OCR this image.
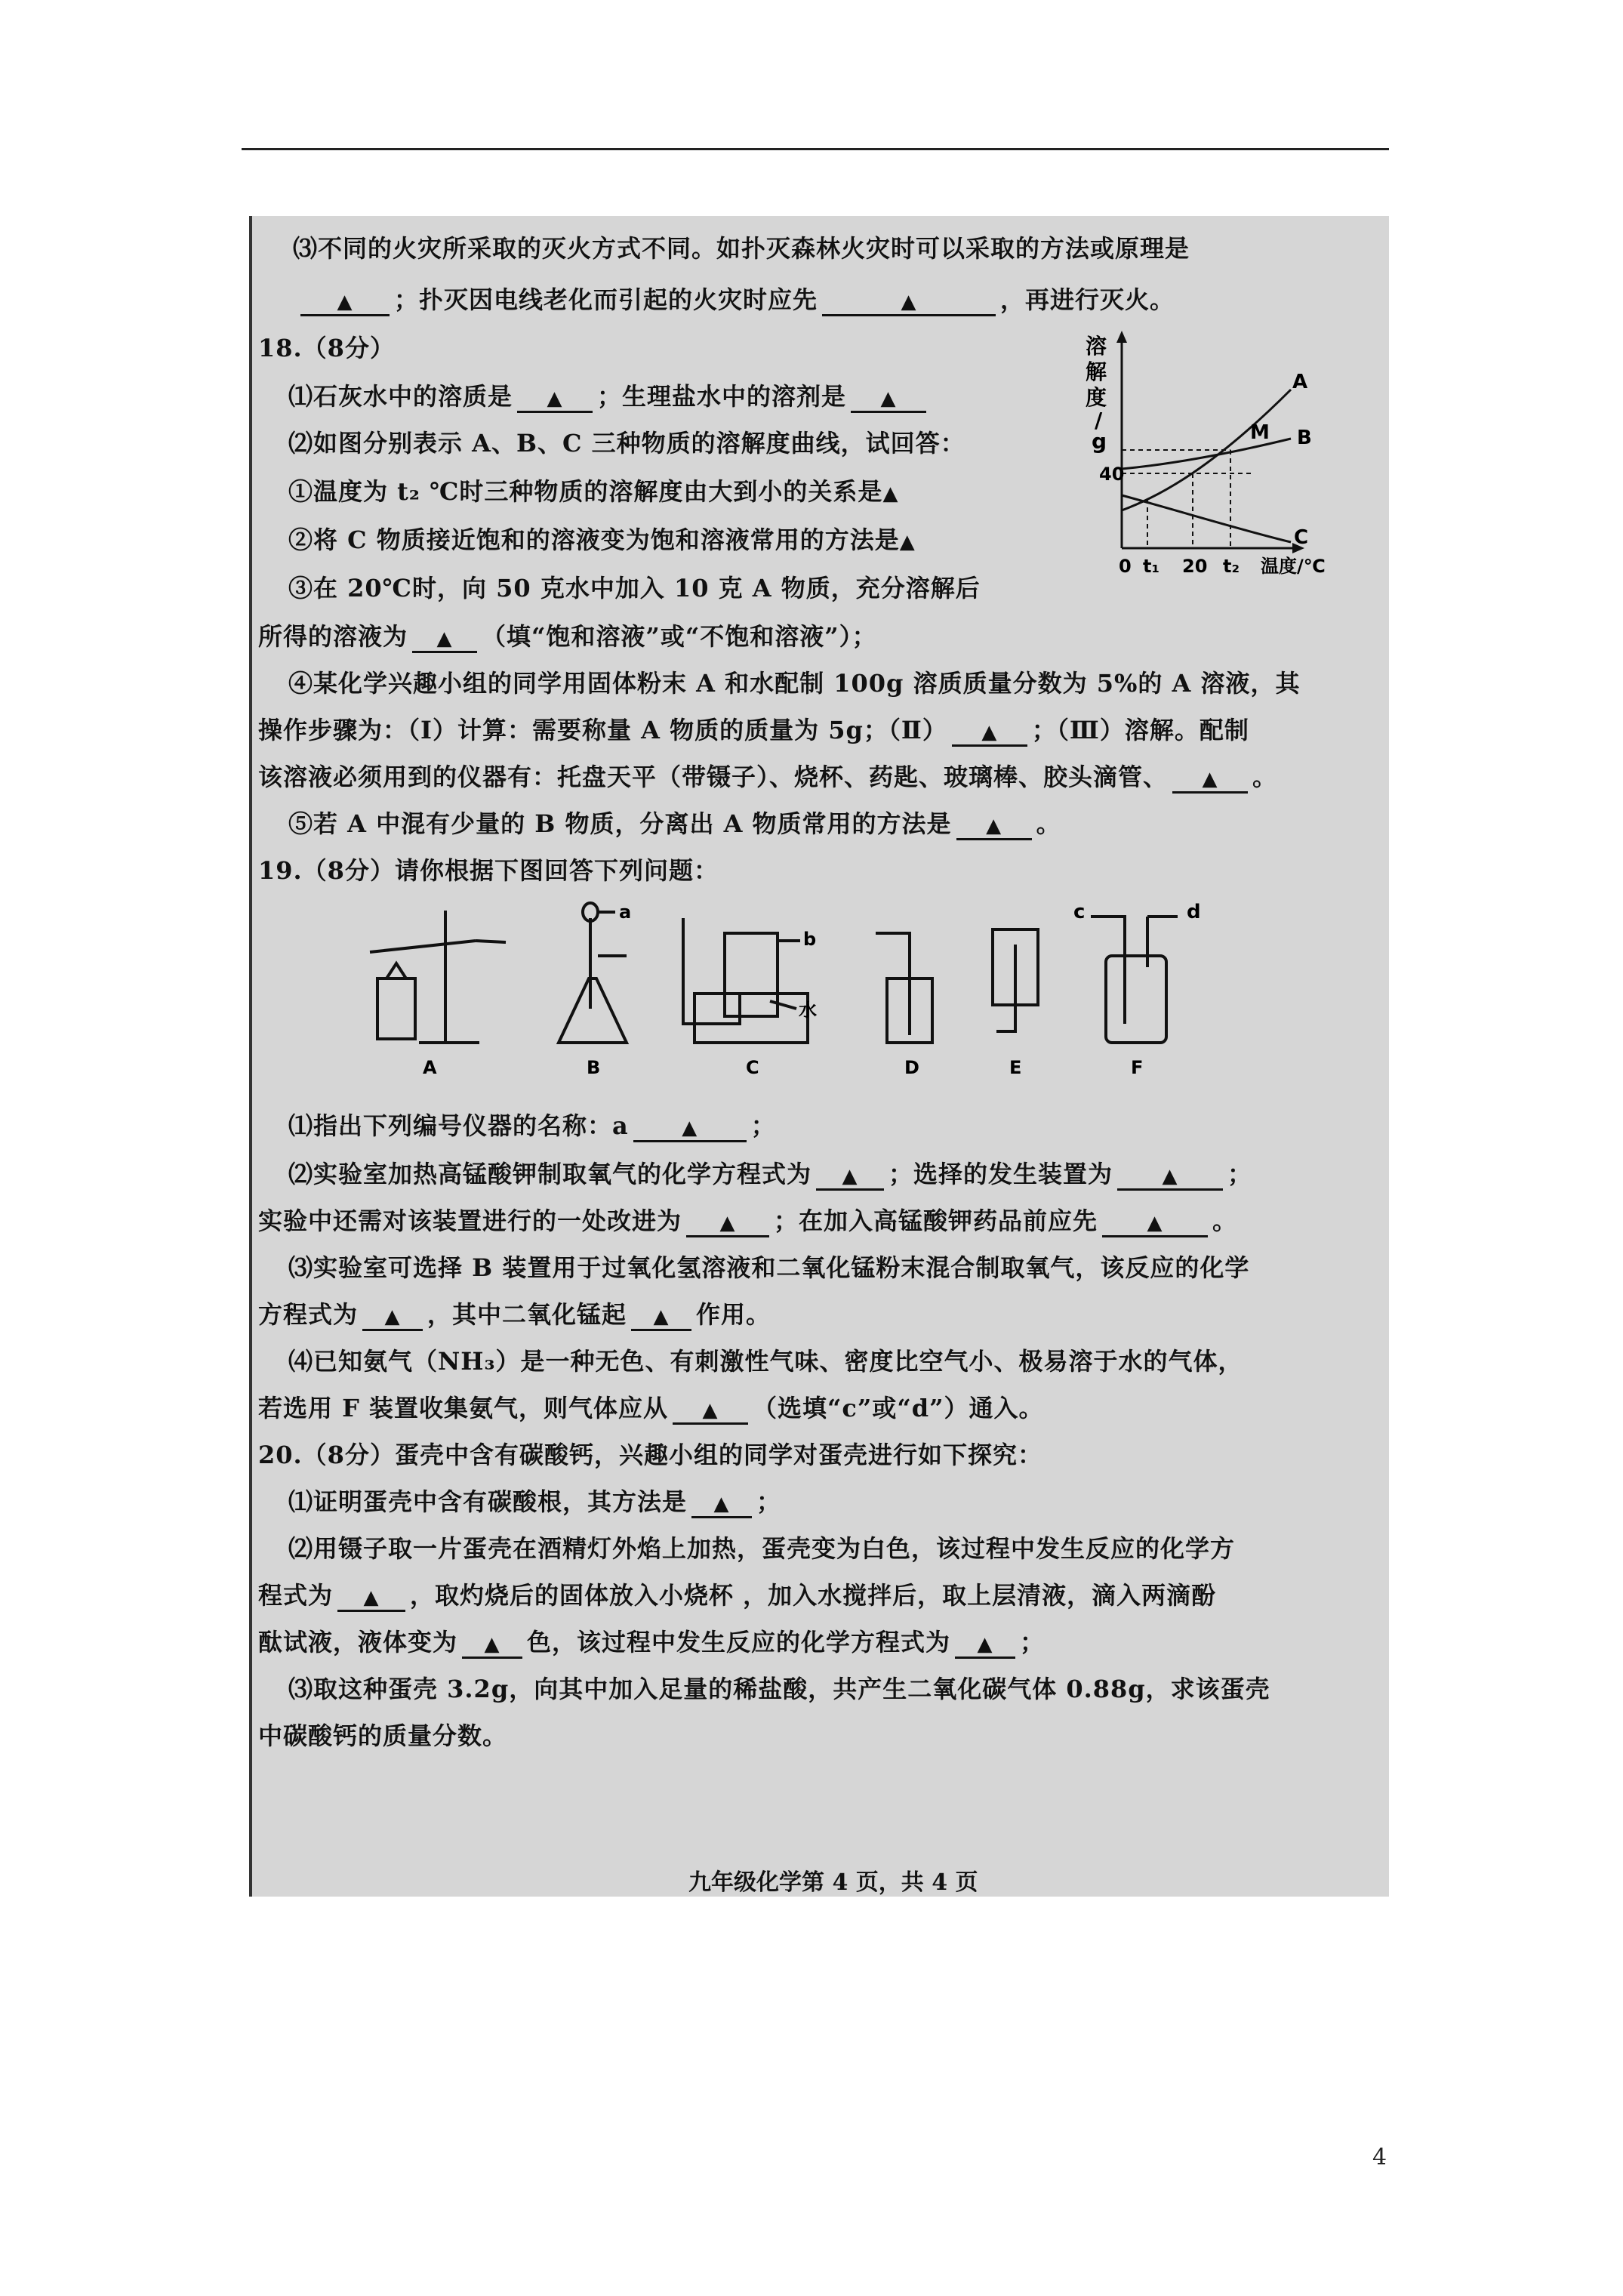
⑶不同的火灾所采取的灭火方式不同。如扑灭森林火灾时可以采取的方法或原理是
▲ ；扑灭因电线老化而引起的火灾时应先	▲	，再进行灭火。
18.（8分）
⑴石灰水中的溶质是 ▲ ；生理盐水中的溶剂是 ▲
⑵如图分别表示 A、B、C 三种物质的溶解度曲线，试回答：
①温度为 t₂ ℃时三种物质的溶解度由大到小的关系是▲
②将 C 物质接近饱和的溶液变为饱和溶液常用的方法是▲
③在 20℃时，向 50 克水中加入 10 克 A 物质，充分溶解后
所得的溶液为 ▲ （填“饱和溶液”或“不饱和溶液”）；
④某化学兴趣小组的同学用固体粉末 A 和水配制 100g 溶质质量分数为 5%的 A 溶液，其
操作步骤为：（Ⅰ）计算：需要称量 A 物质的质量为 5g；（Ⅱ） ▲ ；（Ⅲ）溶解。配制
该溶液必须用到的仪器有：托盘天平（带镊子）、烧杯、药匙、玻璃棒、胶头滴管、 ▲ 。
⑤若 A 中混有少量的 B 物质，分离出 A 物质常用的方法是 ▲ 。
溶
解
度
/
g
A
B
C
M
40
0 t₁ 20 t₂ 温度/℃
19.（8分）请你根据下图回答下列问题：
a
b
水
c	d
A	B	C	D	E	F
⑴指出下列编号仪器的名称：a	▲ ；
⑵实验室加热高锰酸钾制取氧气的化学方程式为 ▲ ；选择的发生装置为	▲ ；
实验中还需对该装置进行的一处改进为 ▲ ；在加入高锰酸钾药品前应先	▲ 。
⑶实验室可选择 B 装置用于过氧化氢溶液和二氧化锰粉末混合制取氧气，该反应的化学
方程式为 ▲ ，其中二氧化锰起 ▲ 作用。
⑷已知氨气（NH₃）是一种无色、有刺激性气味、密度比空气小、极易溶于水的气体，
若选用 F 装置收集氨气，则气体应从 ▲ （选填“c”或“d”）通入。
20.（8分）蛋壳中含有碳酸钙，兴趣小组的同学对蛋壳进行如下探究：
⑴证明蛋壳中含有碳酸根，其方法是 ▲ ；
⑵用镊子取一片蛋壳在酒精灯外焰上加热，蛋壳变为白色，该过程中发生反应的化学方
程式为 ▲ ，取灼烧后的固体放入小烧杯 ，加入水搅拌后，取上层清液，滴入两滴酚
酞试液，液体变为 ▲ 色，该过程中发生反应的化学方程式为 ▲ ；
⑶取这种蛋壳 3.2g，向其中加入足量的稀盐酸，共产生二氧化碳气体 0.88g，求该蛋壳
中碳酸钙的质量分数。
九年级化学第 4 页，共 4 页
4
